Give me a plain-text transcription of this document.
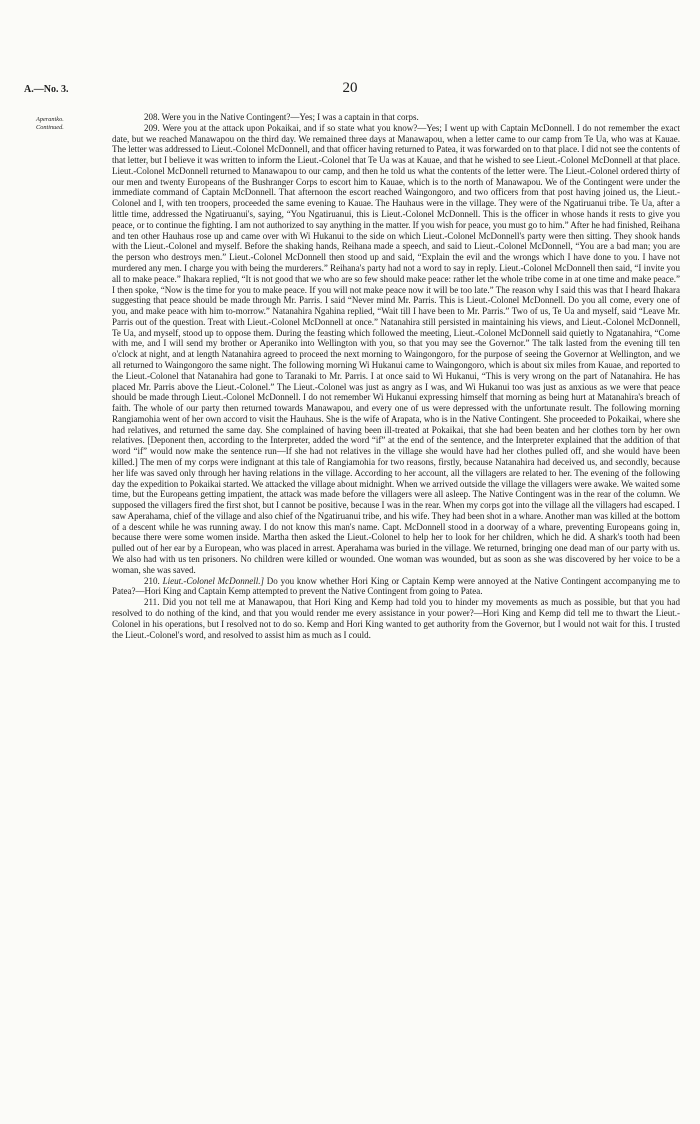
A.—No. 3.	20
Aperaniko.
Continued.

208. Were you in the Native Contingent?—Yes; I was a captain in that corps.

209. Were you at the attack upon Pokaikai, and if so state what you know?—Yes; I went up with Captain McDonnell. I do not remember the exact date, but we reached Manawapou on the third day. We remained three days at Manawapou, when a letter came to our camp from Te Ua, who was at Kauae. The letter was addressed to Lieut.-Colonel McDonnell, and that officer having returned to Patea, it was forwarded on to that place. I did not see the contents of that letter, but I believe it was written to inform the Lieut.-Colonel that Te Ua was at Kauae, and that he wished to see Lieut.-Colonel McDonnell at that place. Lieut.-Colonel McDonnell returned to Manawapou to our camp, and then he told us what the contents of the letter were. The Lieut.-Colonel ordered thirty of our men and twenty Europeans of the Bushranger Corps to escort him to Kauae, which is to the north of Manawapou. We of the Contingent were under the immediate command of Captain McDonnell. That afternoon the escort reached Waingongoro, and two officers from that post having joined us, the Lieut.-Colonel and I, with ten troopers, proceeded the same evening to Kauae. The Hauhaus were in the village. They were of the Ngatiruanui tribe. Te Ua, after a little time, addressed the Ngatiruanui's, saying, “You Ngatiruanui, this is Lieut.-Colonel McDonnell. This is the officer in whose hands it rests to give you peace, or to continue the fighting. I am not authorized to say anything in the matter. If you wish for peace, you must go to him.” After he had finished, Reihana and ten other Hauhaus rose up and came over with Wi Hukanui to the side on which Lieut.-Colonel McDonnell's party were then sitting. They shook hands with the Lieut.-Colonel and myself. Before the shaking hands, Reihana made a speech, and said to Lieut.-Colonel McDonnell, “You are a bad man; you are the person who destroys men.” Lieut.-Colonel McDonnell then stood up and said, “Explain the evil and the wrongs which I have done to you. I have not murdered any men. I charge you with being the murderers.” Reihana's party had not a word to say in reply. Lieut.-Colonel McDonnell then said, “I invite you all to make peace.” Ihakara replied, “It is not good that we who are so few should make peace: rather let the whole tribe come in at one time and make peace.” I then spoke, “Now is the time for you to make peace. If you will not make peace now it will be too late.” The reason why I said this was that I heard Ihakara suggesting that peace should be made through Mr. Parris. I said “Never mind Mr. Parris. This is Lieut.-Colonel McDonnell. Do you all come, every one of you, and make peace with him to-morrow.” Natanahira Ngahina replied, “Wait till I have been to Mr. Parris.” Two of us, Te Ua and myself, said “Leave Mr. Parris out of the question. Treat with Lieut.-Colonel McDonnell at once.” Natanahira still persisted in maintaining his views, and Lieut.-Colonel McDonnell, Te Ua, and myself, stood up to oppose them. During the feasting which followed the meeting, Lieut.-Colonel McDonnell said quietly to Ngatanahira, “Come with me, and I will send my brother or Aperaniko into Wellington with you, so that you may see the Governor.” The talk lasted from the evening till ten o'clock at night, and at length Natanahira agreed to proceed the next morning to Waingongoro, for the purpose of seeing the Governor at Wellington, and we all returned to Waingongoro the same night. The following morning Wi Hukanui came to Waingongoro, which is about six miles from Kauae, and reported to the Lieut.-Colonel that Natanahira had gone to Taranaki to Mr. Parris. I at once said to Wi Hukanui, “This is very wrong on the part of Natanahira. He has placed Mr. Parris above the Lieut.-Colonel.” The Lieut.-Colonel was just as angry as I was, and Wi Hukanui too was just as anxious as we were that peace should be made through Lieut.-Colonel McDonnell. I do not remember Wi Hukanui expressing himself that morning as being hurt at Matanahira's breach of faith. The whole of our party then returned towards Manawapou, and every one of us were depressed with the unfortunate result. The following morning Rangiamohia went of her own accord to visit the Hauhaus. She is the wife of Arapata, who is in the Native Contingent. She proceeded to Pokaikai, where she had relatives, and returned the same day. She complained of having been ill-treated at Pokaikai, that she had been beaten and her clothes torn by her own relatives. [Deponent then, according to the Interpreter, added the word “if” at the end of the sentence, and the Interpreter explained that the addition of that word “if” would now make the sentence run—If she had not relatives in the village she would have had her clothes pulled off, and she would have been killed.] The men of my corps were indignant at this tale of Rangiamohia for two reasons, firstly, because Natanahira had deceived us, and secondly, because her life was saved only through her having relations in the village. According to her account, all the villagers are related to her. The evening of the following day the expedition to Pokaikai started. We attacked the village about midnight. When we arrived outside the village the villagers were awake. We waited some time, but the Europeans getting impatient, the attack was made before the villagers were all asleep. The Native Contingent was in the rear of the column. We supposed the villagers fired the first shot, but I cannot be positive, because I was in the rear. When my corps got into the village all the villagers had escaped. I saw Aperahama, chief of the village and also chief of the Ngatiruanui tribe, and his wife. They had been shot in a whare. Another man was killed at the bottom of a descent while he was running away. I do not know this man's name. Capt. McDonnell stood in a doorway of a whare, preventing Europeans going in, because there were some women inside. Martha then asked the Lieut.-Colonel to help her to look for her children, which he did. A shark's tooth had been pulled out of her ear by a European, who was placed in arrest. Aperahama was buried in the village. We returned, bringing one dead man of our party with us. We also had with us ten prisoners. No children were killed or wounded. One woman was wounded, but as soon as she was discovered by her voice to be a woman, she was saved.

210. Lieut.-Colonel McDonnell.] Do you know whether Hori King or Captain Kemp were annoyed at the Native Contingent accompanying me to Patea?—Hori King and Captain Kemp attempted to prevent the Native Contingent from going to Patea.

211. Did you not tell me at Manawapou, that Hori King and Kemp had told you to hinder my movements as much as possible, but that you had resolved to do nothing of the kind, and that you would render me every assistance in your power?—Hori King and Kemp did tell me to thwart the Lieut.-Colonel in his operations, but I resolved not to do so. Kemp and Hori King wanted to get authority from the Governor, but I would not wait for this. I trusted the Lieut.-Colonel's word, and resolved to assist him as much as I could.
